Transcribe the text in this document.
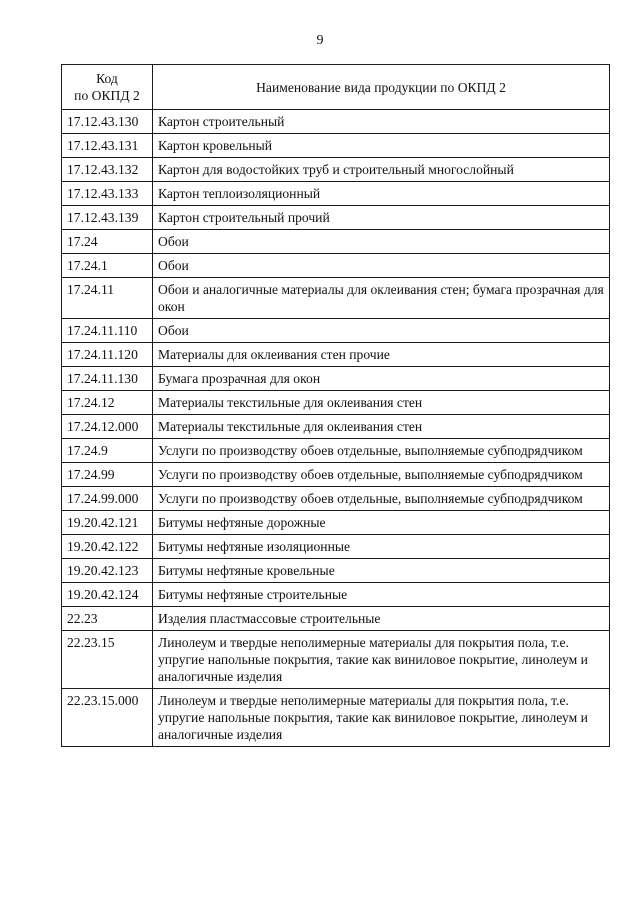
9
Код
по ОКПД 2	Наименование вида продукции по ОКПД 2
17.12.43.130	Картон строительный
17.12.43.131	Картон кровельный
17.12.43.132	Картон для водостойких труб и строительный многослойный
17.12.43.133	Картон теплоизоляционный
17.12.43.139	Картон строительный прочий
17.24	Обои
17.24.1	Обои
17.24.11	Обои и аналогичные материалы для оклеивания стен; бумага прозрачная для окон
17.24.11.110	Обои
17.24.11.120	Материалы для оклеивания стен прочие
17.24.11.130	Бумага прозрачная для окон
17.24.12	Материалы текстильные для оклеивания стен
17.24.12.000	Материалы текстильные для оклеивания стен
17.24.9	Услуги по производству обоев отдельные, выполняемые субподрядчиком
17.24.99	Услуги по производству обоев отдельные, выполняемые субподрядчиком
17.24.99.000	Услуги по производству обоев отдельные, выполняемые субподрядчиком
19.20.42.121	Битумы нефтяные дорожные
19.20.42.122	Битумы нефтяные изоляционные
19.20.42.123	Битумы нефтяные кровельные
19.20.42.124	Битумы нефтяные строительные
22.23	Изделия пластмассовые строительные
22.23.15	Линолеум и твердые неполимерные материалы для покрытия пола, т.е. упругие напольные покрытия, такие как виниловое покрытие, линолеум и аналогичные изделия
22.23.15.000	Линолеум и твердые неполимерные материалы для покрытия пола, т.е. упругие напольные покрытия, такие как виниловое покрытие, линолеум и аналогичные изделия
